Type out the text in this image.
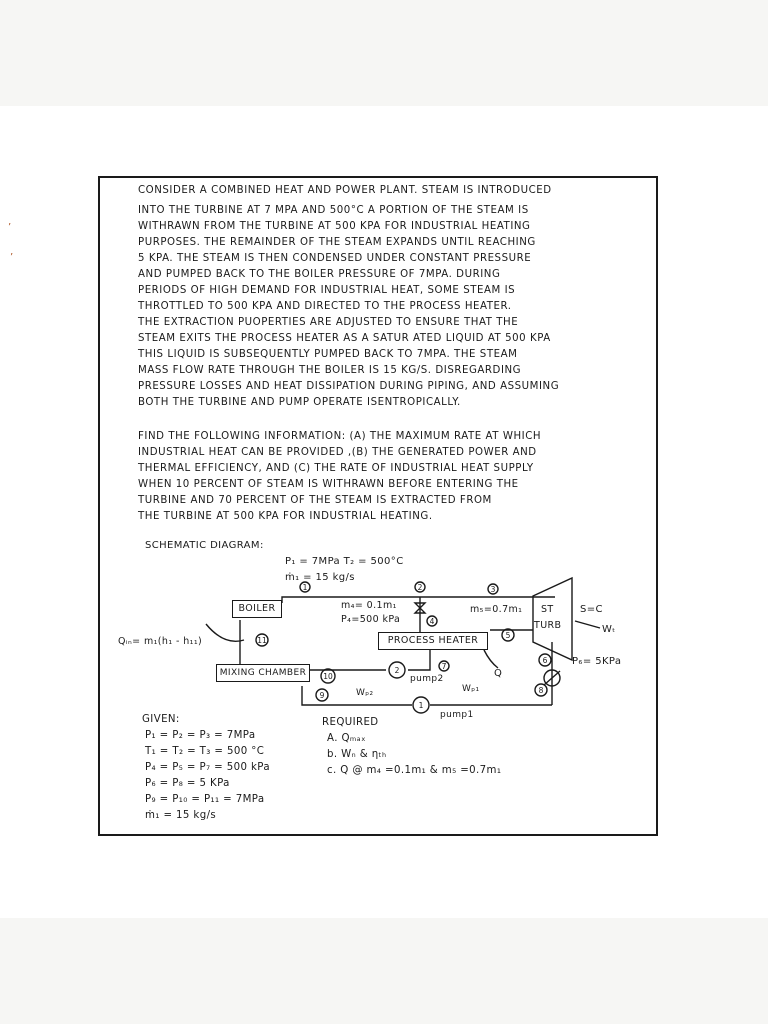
’
’
CONSIDER A COMBINED HEAT AND POWER PLANT. STEAM IS INTRODUCED
INTO THE TURBINE AT 7 MPA AND 500°C A PORTION OF THE STEAM IS
WITHRAWN FROM THE TURBINE AT 500 KPA FOR INDUSTRIAL HEATING
PURPOSES. THE REMAINDER OF THE STEAM EXPANDS UNTIL REACHING
5 KPA. THE STEAM IS THEN CONDENSED UNDER CONSTANT PRESSURE
AND PUMPED BACK TO THE BOILER PRESSURE OF 7MPA. DURING
PERIODS OF HIGH DEMAND FOR INDUSTRIAL HEAT, SOME STEAM IS
THROTTLED TO 500 KPA AND DIRECTED TO THE PROCESS HEATER.
THE EXTRACTION PUOPERTIES ARE ADJUSTED TO ENSURE THAT THE
STEAM EXITS THE PROCESS HEATER AS A SATUR ATED LIQUID AT 500 KPA
THIS LIQUID IS SUBSEQUENTLY PUMPED BACK TO 7MPA. THE STEAM
MASS FLOW RATE THROUGH THE BOILER IS 15 KG/S. DISREGARDING
PRESSURE LOSSES AND HEAT DISSIPATION DURING PIPING, AND ASSUMING
BOTH THE TURBINE AND PUMP OPERATE ISENTROPICALLY.
FIND THE FOLLOWING INFORMATION: (A) THE MAXIMUM RATE AT WHICH
INDUSTRIAL HEAT CAN BE PROVIDED ,(B) THE GENERATED POWER AND
THERMAL EFFICIENCY, AND (C) THE RATE OF INDUSTRIAL HEAT SUPPLY
WHEN 10 PERCENT OF STEAM IS WITHRAWN BEFORE ENTERING THE
TURBINE AND 70 PERCENT OF THE STEAM IS EXTRACTED FROM
THE TURBINE AT 500 KPA FOR INDUSTRIAL HEATING.
SCHEMATIC DIAGRAM:
P₁ = 7MPa T₂ = 500°C
ṁ₁ = 15 kg/s
1	2	3
4
5
6
7
8
9
10
11
2
1
BOILER
PROCESS HEATER
MIXING CHAMBER
ST
TURB
S=C
Wₜ
m₄= 0.1m₁
P₄=500 kPa
m₅=0.7m₁
P₆= 5KPa
Qᵢₙ= m₁(h₁ - h₁₁)
Q
pump1
pump2
Wₚ₁
Wₚ₂
GIVEN:
P₁ = P₂ = P₃ = 7MPa
T₁ = T₂ = T₃ = 500 °C
P₄ = P₅ = P₇ = 500 kPa
P₆ = P₈ = 5 KPa
P₉ = P₁₀ = P₁₁ = 7MPa
ṁ₁ = 15 kg/s
REQUIRED
A. Qₘₐₓ
b. Wₙ & ηₜₕ
c. Q @ m₄ =0.1m₁ & m₅ =0.7m₁
